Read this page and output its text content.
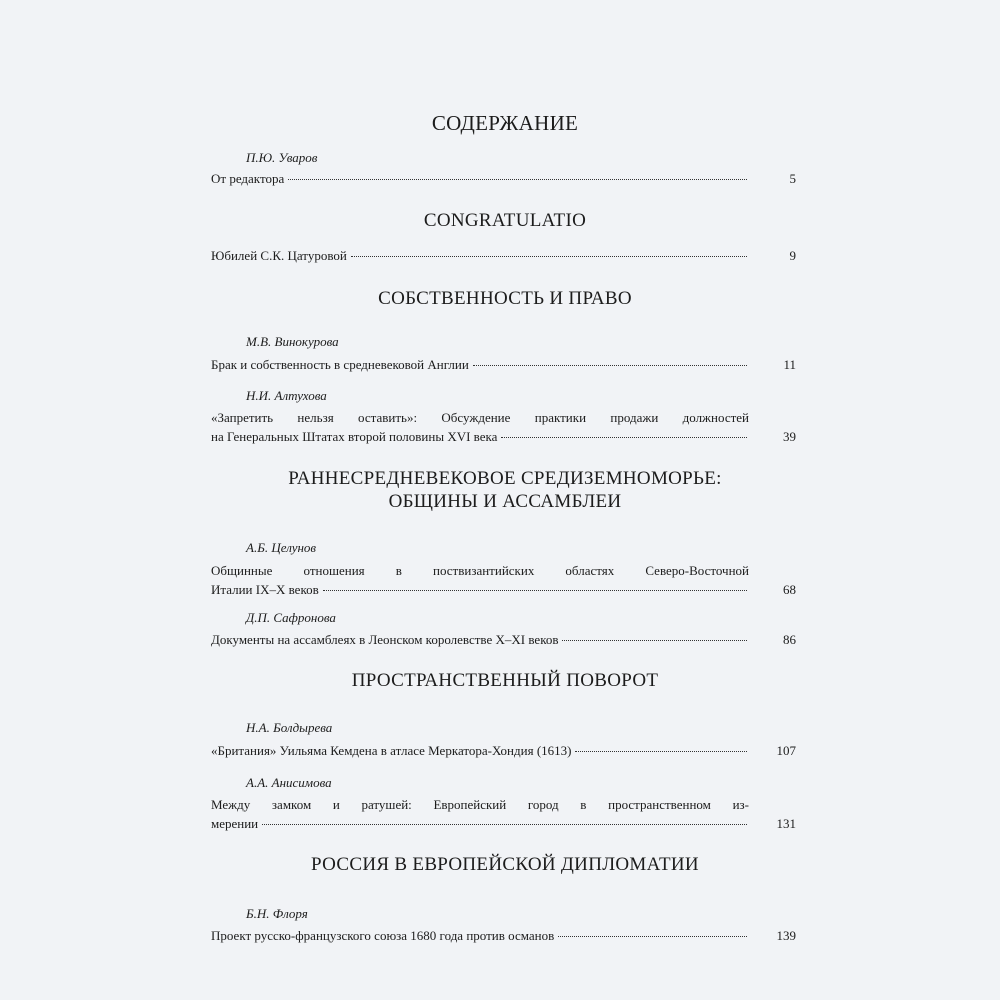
СОДЕРЖАНИЕ
П.Ю. Уваров
От редактора	5
CONGRATULATIO
Юбилей С.К. Цатуровой	9
СОБСТВЕННОСТЬ И ПРАВО
М.В. Винокурова
Брак и собственность в средневековой Англии	11
Н.И. Алтухова
«Запретить нельзя оставить»: Обсуждение практики продажи должностей
на Генеральных Штатах второй половины XVI века	39
РАННЕСРЕДНЕВЕКОВОЕ СРЕДИЗЕМНОМОРЬЕ:
ОБЩИНЫ И АССАМБЛЕИ
А.Б. Целунов
Общинные отношения в поствизантийских областях Северо-Восточной
Италии IX–X веков	68
Д.П. Сафронова
Документы на ассамблеях в Леонском королевстве X–XI веков	86
ПРОСТРАНСТВЕННЫЙ ПОВОРОТ
Н.А. Болдырева
«Британия» Уильяма Кемдена в атласе Меркатора-Хондия (1613)	107
А.А. Анисимова
Между замком и ратушей: Европейский город в пространственном из-
мерении	131
РОССИЯ В ЕВРОПЕЙСКОЙ ДИПЛОМАТИИ
Б.Н. Флоря
Проект русско-французского союза 1680 года против османов	139
